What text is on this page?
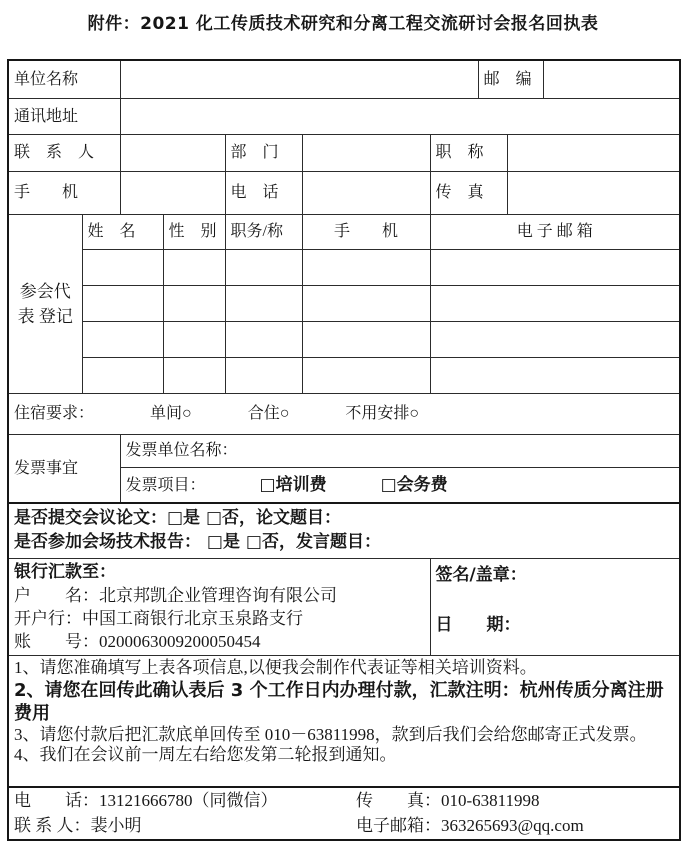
附件：2021 化工传质技术研究和分离工程交流研讨会报名回执表
单位名称							邮　编		
通讯地址									
联　系　人				部　门		职　称			
手　　机				电　话		传　真			
参会代表 登记	姓　名		性　别	职务/称	手　　机	电 子 邮 箱			

住宿要求： 单间○ 合住○ 不用安排○									
发票事宜		发票单位名称：							
		发票项目： □培训费 □会务费							

是否提交会议论文：□是 □否，论文题目：
是否参加会场技术报告： □是 □否，发言题目：									

银行汇款至：
户　　名：北京邦凯企业管理咨询有限公司
开户行：中国工商银行北京玉泉路支行
账　　号：0200063009200050454

签名/盖章：
日　　期：

1、请您准确填写上表各项信息,以便我会制作代表证等相关培训资料。
2、请您在回传此确认表后 3 个工作日内办理付款，汇款注明：杭州传质分离注册费用
3、请您付款后把汇款底单回传至 010－63811998，款到后我们会给您邮寄正式发票。
4、我们在会议前一周左右给您发第二轮报到通知。									

电　　话：13121666780（同微信） 传　　真：010-63811998
联 系 人：裴小明 电子邮箱：363265693@qq.com									
